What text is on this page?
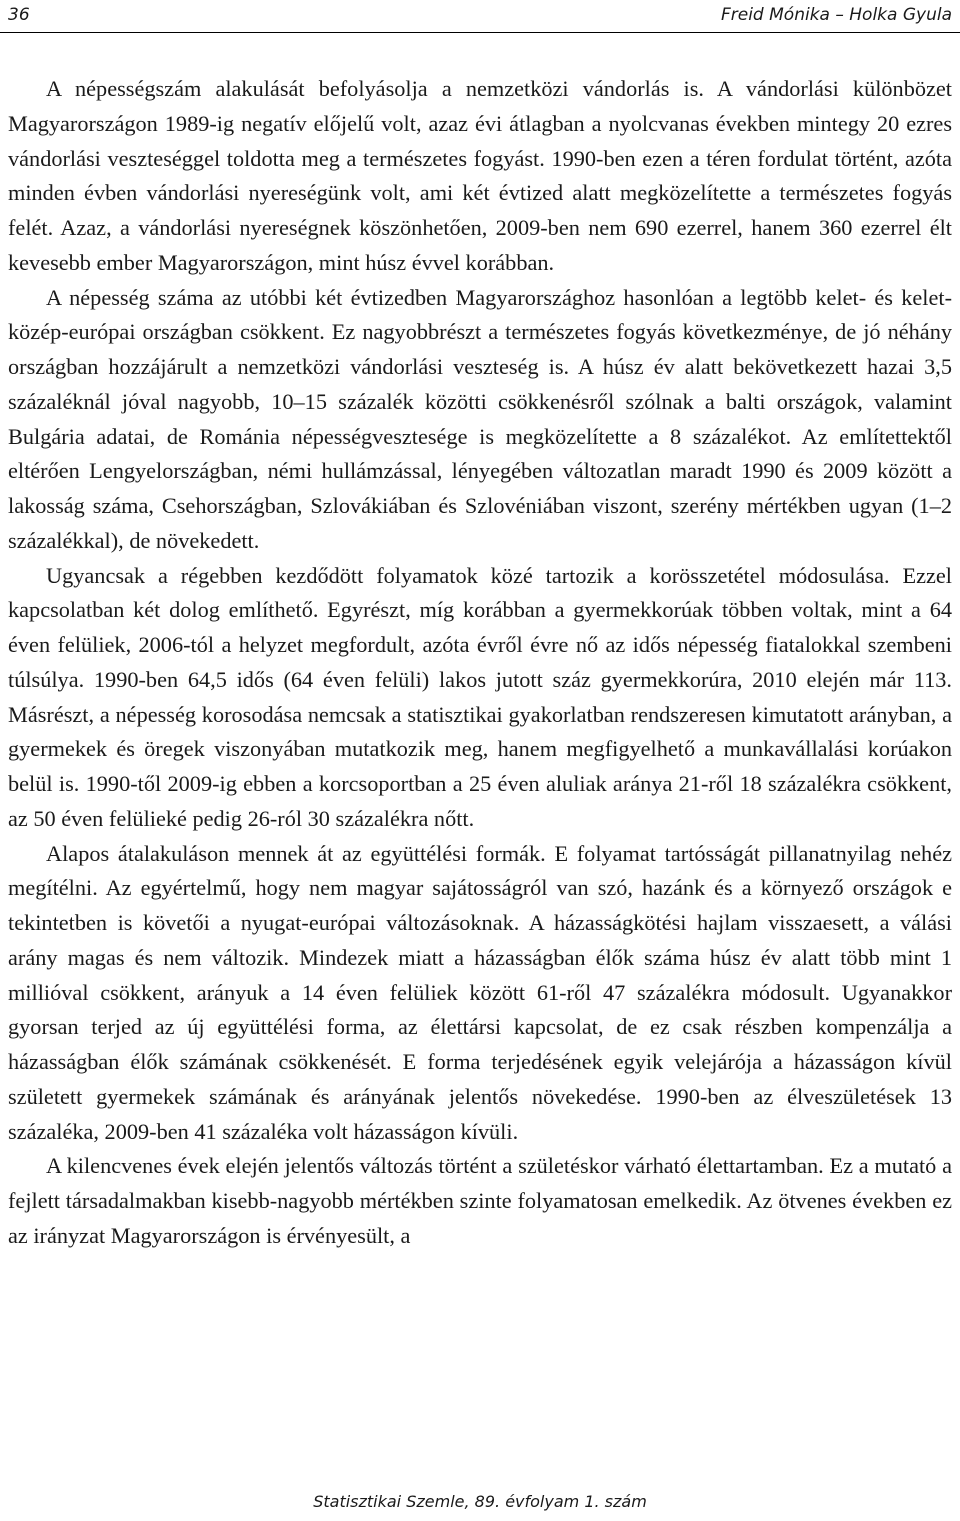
36	Freid Mónika – Holka Gyula

A népességszám alakulását befolyásolja a nemzetközi vándorlás is. A vándorlási különbözet Magyarországon 1989-ig negatív előjelű volt, azaz évi átlagban a nyolcvanas években mintegy 20 ezres vándorlási veszteséggel toldotta meg a természetes fogyást. 1990-ben ezen a téren fordulat történt, azóta minden évben vándorlási nyereségünk volt, ami két évtized alatt megközelítette a természetes fogyás felét. Azaz, a vándorlási nyereségnek köszönhetően, 2009-ben nem 690 ezerrel, hanem 360 ezerrel élt kevesebb ember Magyarországon, mint húsz évvel korábban.

A népesség száma az utóbbi két évtizedben Magyarországhoz hasonlóan a legtöbb kelet- és kelet-közép-európai országban csökkent. Ez nagyobbrészt a természetes fogyás következménye, de jó néhány országban hozzájárult a nemzetközi vándorlási veszteség is. A húsz év alatt bekövetkezett hazai 3,5 százaléknál jóval nagyobb, 10–15 százalék közötti csökkenésről szólnak a balti országok, valamint Bulgária adatai, de Románia népességvesztesége is megközelítette a 8 százalékot. Az említettektől eltérően Lengyelországban, némi hullámzással, lényegében változatlan maradt 1990 és 2009 között a lakosság száma, Csehországban, Szlovákiában és Szlovéniában viszont, szerény mértékben ugyan (1–2 százalékkal), de növekedett.

Ugyancsak a régebben kezdődött folyamatok közé tartozik a korösszetétel módosulása. Ezzel kapcsolatban két dolog említhető. Egyrészt, míg korábban a gyermekkorúak többen voltak, mint a 64 éven felüliek, 2006-tól a helyzet megfordult, azóta évről évre nő az idős népesség fiatalokkal szembeni túlsúlya. 1990-ben 64,5 idős (64 éven felüli) lakos jutott száz gyermekkorúra, 2010 elején már 113. Másrészt, a népesség korosodása nemcsak a statisztikai gyakorlatban rendszeresen kimutatott arányban, a gyermekek és öregek viszonyában mutatkozik meg, hanem megfigyelhető a munkavállalási korúakon belül is. 1990-től 2009-ig ebben a korcsoportban a 25 éven aluliak aránya 21-ről 18 százalékra csökkent, az 50 éven felülieké pedig 26-ról 30 százalékra nőtt.

Alapos átalakuláson mennek át az együttélési formák. E folyamat tartósságát pillanatnyilag nehéz megítélni. Az egyértelmű, hogy nem magyar sajátosságról van szó, hazánk és a környező országok e tekintetben is követői a nyugat-európai változásoknak. A házasságkötési hajlam visszaesett, a válási arány magas és nem változik. Mindezek miatt a házasságban élők száma húsz év alatt több mint 1 millióval csökkent, arányuk a 14 éven felüliek között 61-ről 47 százalékra módosult. Ugyanakkor gyorsan terjed az új együttélési forma, az élettársi kapcsolat, de ez csak részben kompenzálja a házasságban élők számának csökkenését. E forma terjedésének egyik velejárója a házasságon kívül született gyermekek számának és arányának jelentős növekedése. 1990-ben az élveszületések 13 százaléka, 2009-ben 41 százaléka volt házasságon kívüli.

A kilencvenes évek elején jelentős változás történt a születéskor várható élettartamban. Ez a mutató a fejlett társadalmakban kisebb-nagyobb mértékben szinte folyamatosan emelkedik. Az ötvenes években ez az irányzat Magyarországon is érvényesült, a

Statisztikai Szemle, 89. évfolyam 1. szám
